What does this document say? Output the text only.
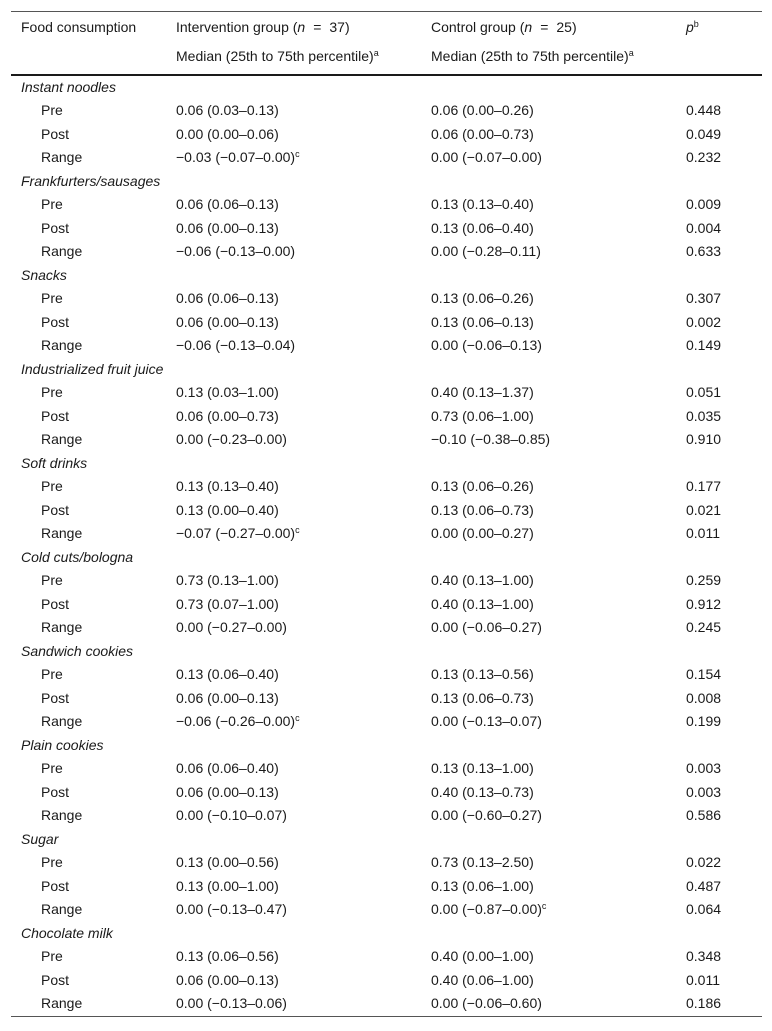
Food consumption	Intervention group (n = 37)	Control group (n = 25)	$p^b$
	Median (25th to 75th percentile)$^a$	Median (25th to 75th percentile)$^a$	
Instant noodles			
Pre	0.06 (0.03–0.13)	0.06 (0.00–0.26)	0.448
Post	0.00 (0.00–0.06)	0.06 (0.00–0.73)	0.049
Range	−0.03 $(-0.07-0.00)^c$	0.00 (−0.07–0.00)	0.232
Frankfurters/sausages			
Pre	0.06 (0.06–0.13)	0.13 (0.13–0.40)	0.009
Post	0.06 (0.00–0.13)	0.13 (0.06–0.40)	0.004
Range	−0.06 (−0.13–0.00)	0.00 (−0.28–0.11)	0.633
Snacks			
Pre	0.06 (0.06–0.13)	0.13 (0.06–0.26)	0.307
Post	0.06 (0.00–0.13)	0.13 (0.06–0.13)	0.002
Range	−0.06 (−0.13–0.04)	0.00 (−0.06–0.13)	0.149
Industrialized fruit juice			
Pre	0.13 (0.03–1.00)	0.40 (0.13–1.37)	0.051
Post	0.06 (0.00–0.73)	0.73 (0.06–1.00)	0.035
Range	0.00 (−0.23–0.00)	−0.10 (−0.38–0.85)	0.910
Soft drinks			
Pre	0.13 (0.13–0.40)	0.13 (0.06–0.26)	0.177
Post	0.13 (0.00–0.40)	0.13 (0.06–0.73)	0.021
Range	−0.07 $(-0.27-0.00)^c$	0.00 (0.00–0.27)	0.011
Cold cuts/bologna			
Pre	0.73 (0.13–1.00)	0.40 (0.13–1.00)	0.259
Post	0.73 (0.07–1.00)	0.40 (0.13–1.00)	0.912
Range	0.00 (−0.27–0.00)	0.00 (−0.06–0.27)	0.245
Sandwich cookies			
Pre	0.13 (0.06–0.40)	0.13 (0.13–0.56)	0.154
Post	0.06 (0.00–0.13)	0.13 (0.06–0.73)	0.008
Range	−0.06 $(-0.26-0.00)^c$	0.00 (−0.13–0.07)	0.199
Plain cookies			
Pre	0.06 (0.06–0.40)	0.13 (0.13–1.00)	0.003
Post	0.06 (0.00–0.13)	0.40 (0.13–0.73)	0.003
Range	0.00 (−0.10–0.07)	0.00 (−0.60–0.27)	0.586
Sugar			
Pre	0.13 (0.00–0.56)	0.73 (0.13–2.50)	0.022
Post	0.13 (0.00–1.00)	0.13 (0.06–1.00)	0.487
Range	0.00 (−0.13–0.47)	0.00 $(-0.87-0.00)^c$	0.064
Chocolate milk			
Pre	0.13 (0.06–0.56)	0.40 (0.00–1.00)	0.348
Post	0.06 (0.00–0.13)	0.40 (0.06–1.00)	0.011
Range	0.00 (−0.13–0.06)	0.00 (−0.06–0.60)	0.186
